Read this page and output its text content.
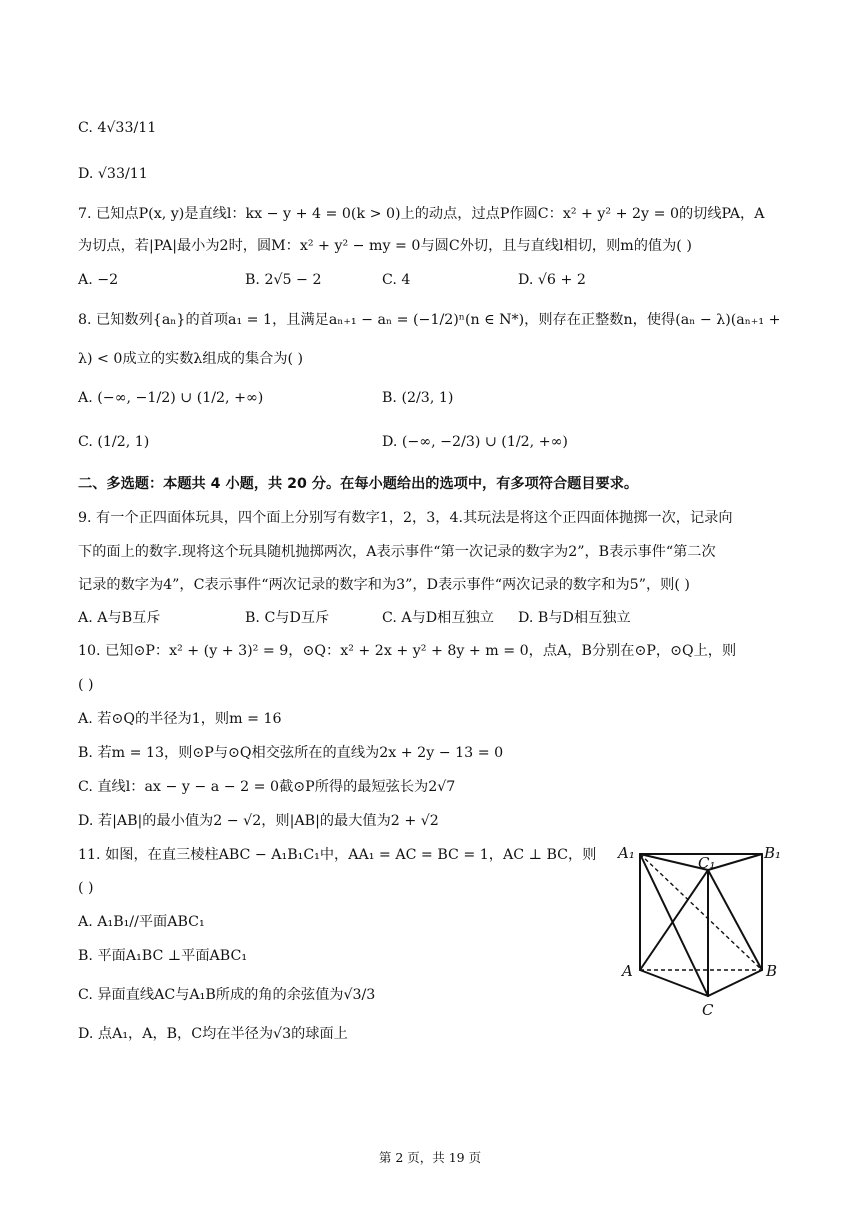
C. 4√33/11
D. √33/11
7. 已知点P(x, y)是直线l：kx − y + 4 = 0(k > 0)上的动点，过点P作圆C：x² + y² + 2y = 0的切线PA，A
为切点，若|PA|最小为2时，圆M：x² + y² − my = 0与圆C外切，且与直线l相切，则m的值为( )
A. −2	B. 2√5 − 2	C. 4	D. √6 + 2
8. 已知数列{aₙ}的首项a₁ = 1，且满足aₙ₊₁ − aₙ = (−1/2)ⁿ(n ∈ N*)，则存在正整数n，使得(aₙ − λ)(aₙ₊₁ +
λ) < 0成立的实数λ组成的集合为( )
A. (−∞, −1/2) ∪ (1/2, +∞)	B. (2/3, 1)
C. (1/2, 1)	D. (−∞, −2/3) ∪ (1/2, +∞)
二、多选题：本题共 4 小题，共 20 分。在每小题给出的选项中，有多项符合题目要求。
9. 有一个正四面体玩具，四个面上分别写有数字1，2，3，4.其玩法是将这个正四面体抛掷一次，记录向
下的面上的数字.现将这个玩具随机抛掷两次，A表示事件“第一次记录的数字为2”，B表示事件“第二次
记录的数字为4”，C表示事件“两次记录的数字和为3”，D表示事件“两次记录的数字和为5”，则( )
A. A与B互斥	B. C与D互斥	C. A与D相互独立 D. B与D相互独立
10. 已知⊙P：x² + (y + 3)² = 9，⊙Q：x² + 2x + y² + 8y + m = 0，点A，B分别在⊙P，⊙Q上，则
( )
A. 若⊙Q的半径为1，则m = 16
B. 若m = 13，则⊙P与⊙Q相交弦所在的直线为2x + 2y − 13 = 0
C. 直线l：ax − y − a − 2 = 0截⊙P所得的最短弦长为2√7
D. 若|AB|的最小值为2 − √2，则|AB|的最大值为2 + √2
11. 如图，在直三棱柱ABC − A₁B₁C₁中，AA₁ = AC = BC = 1，AC ⊥ BC，则
( )
A. A₁B₁//平面ABC₁
B. 平面A₁BC ⊥平面ABC₁
C. 异面直线AC与A₁B所成的角的余弦值为√3/3
D. 点A₁，A，B，C均在半径为√3的球面上
A₁	B₁
C₁
A	B
C
第 2 页，共 19 页
